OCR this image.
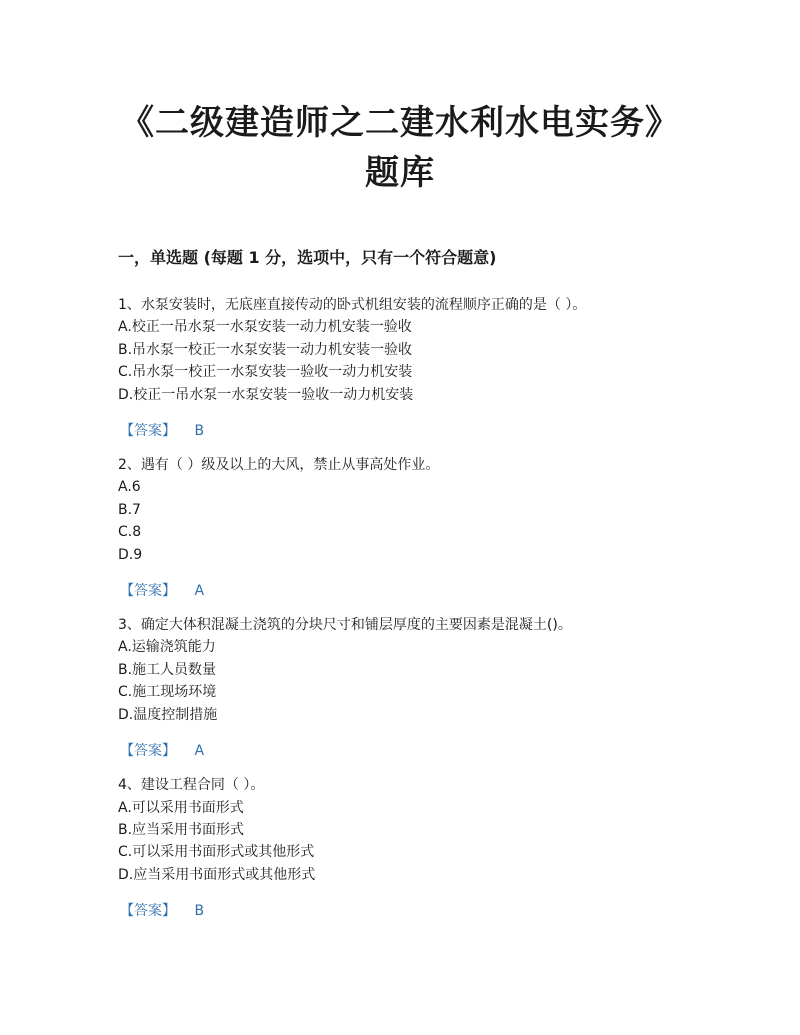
《二级建造师之二建水利水电实务》
题库
一，单选题 (每题 1 分，选项中，只有一个符合题意)
1、水泵安装时，无底座直接传动的卧式机组安装的流程顺序正确的是（ ）。
A.校正一吊水泵一水泵安装一动力机安装一验收
B.吊水泵一校正一水泵安装一动力机安装一验收
C.吊水泵一校正一水泵安装一验收一动力机安装
D.校正一吊水泵一水泵安装一验收一动力机安装
【答案】 B
2、遇有（ ）级及以上的大风，禁止从事高处作业。
A.6
B.7
C.8
D.9
【答案】 A
3、确定大体积混凝土浇筑的分块尺寸和铺层厚度的主要因素是混凝土()。
A.运输浇筑能力
B.施工人员数量
C.施工现场环境
D.温度控制措施
【答案】 A
4、建设工程合同（ ）。
A.可以采用书面形式
B.应当采用书面形式
C.可以采用书面形式或其他形式
D.应当采用书面形式或其他形式
【答案】 B
